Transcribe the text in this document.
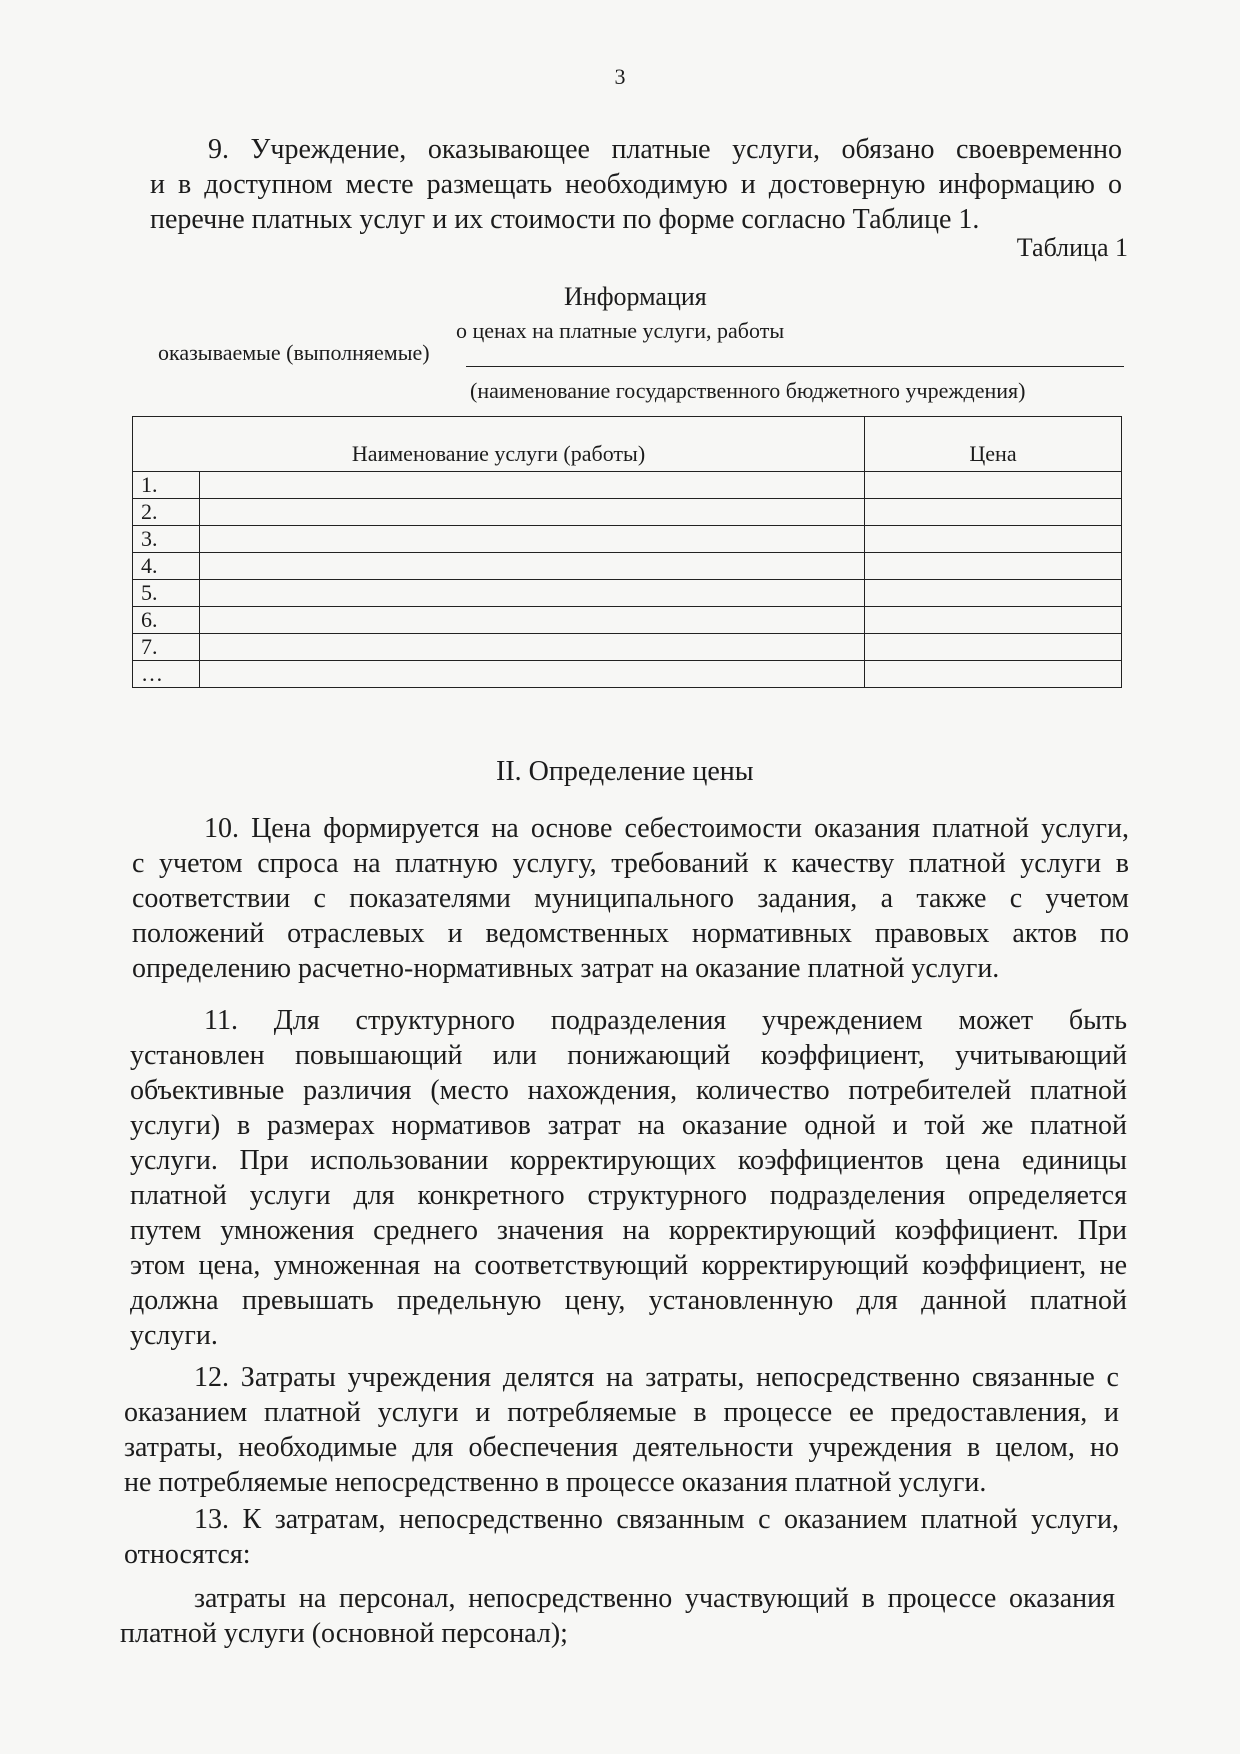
3
9. Учреждение, оказывающее платные услуги, обязано своевременно
и в доступном месте размещать необходимую и достоверную информацию о
перечне платных услуг и их стоимости по форме согласно Таблице 1.
Таблица 1
Информация
о ценах на платные услуги, работы
оказываемые (выполняемые)
(наименование государственного бюджетного учреждения)
Наименование услуги (работы)		Цена
1.		
2.		
3.		
4.		
5.		
6.		
7.		
…		
II. Определение цены
10. Цена формируется на основе себестоимости оказания платной услуги,
с учетом спроса на платную услугу, требований к качеству платной услуги в
соответствии с показателями муниципального задания, а также с учетом
положений отраслевых и ведомственных нормативных правовых актов по
определению расчетно-нормативных затрат на оказание платной услуги.
11. Для структурного подразделения учреждением может быть
установлен повышающий или понижающий коэффициент, учитывающий
объективные различия (место нахождения, количество потребителей платной
услуги) в размерах нормативов затрат на оказание одной и той же платной
услуги. При использовании корректирующих коэффициентов цена единицы
платной услуги для конкретного структурного подразделения определяется
путем умножения среднего значения на корректирующий коэффициент. При
этом цена, умноженная на соответствующий корректирующий коэффициент, не
должна превышать предельную цену, установленную для данной платной
услуги.
12. Затраты учреждения делятся на затраты, непосредственно связанные с
оказанием платной услуги и потребляемые в процессе ее предоставления, и
затраты, необходимые для обеспечения деятельности учреждения в целом, но
не потребляемые непосредственно в процессе оказания платной услуги.
13. К затратам, непосредственно связанным с оказанием платной услуги,
относятся:
затраты на персонал, непосредственно участвующий в процессе оказания
платной услуги (основной персонал);
